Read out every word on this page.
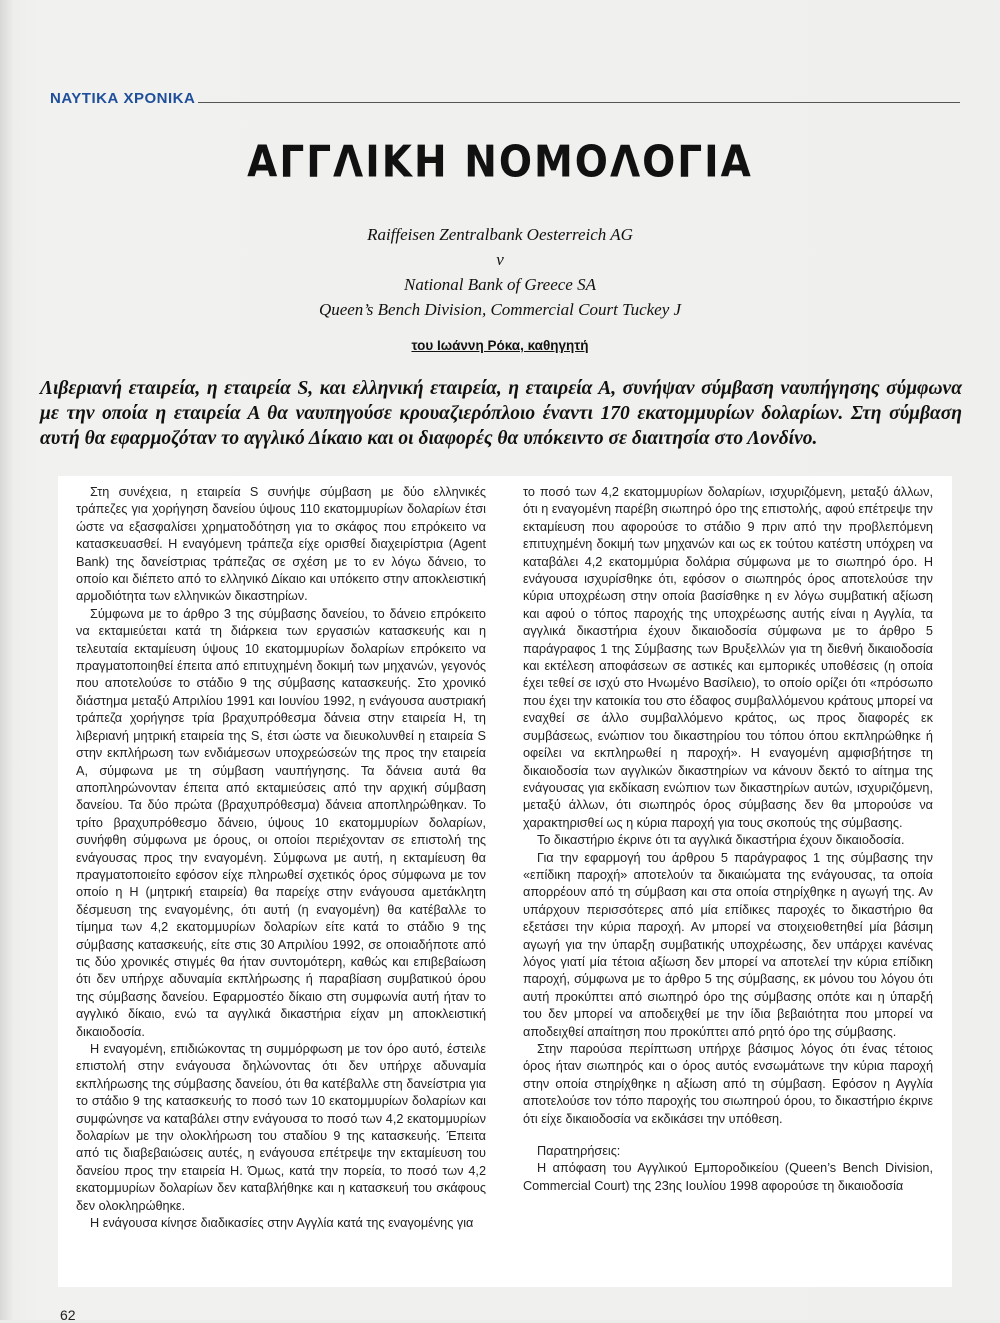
ΝΑΥΤΙΚΑ ΧΡΟΝΙΚΑ
ΑΓΓΛΙΚΗ ΝΟΜΟΛΟΓΙΑ
Raiffeisen Zentralbank Oesterreich AG
v
National Bank of Greece SA
Queen’s Bench Division, Commercial Court Tuckey J
του Ιωάννη Ρόκα, καθηγητή
Λιβεριανή εταιρεία, η εταιρεία S, και ελληνική εταιρεία, η εταιρεία Α, συνήψαν σύμβαση ναυπήγησης σύμφωνα με την οποία η εταιρεία Α θα ναυπηγούσε κρουαζιερόπλοιο έναντι 170 εκατομμυρίων δολαρίων. Στη σύμβαση αυτή θα εφαρμοζόταν το αγγλικό Δίκαιο και οι διαφορές θα υπόκειντο σε διαιτησία στο Λονδίνο.

Στη συνέχεια, η εταιρεία S συνήψε σύμβαση με δύο ελληνικές τράπεζες για χορήγηση δανείου ύψους 110 εκατομμυρίων δολαρίων έτσι ώστε να εξασφαλίσει χρηματοδότηση για το σκάφος που επρόκειτο να κατασκευασθεί. Η εναγόμενη τράπεζα είχε ορισθεί διαχειρίστρια (Agent Bank) της δανείστριας τράπεζας σε σχέση με το εν λόγω δάνειο, το οποίο και διέπετο από το ελληνικό Δίκαιο και υπόκειτο στην αποκλειστική αρμοδιότητα των ελληνικών δικαστηρίων.

Σύμφωνα με το άρθρο 3 της σύμβασης δανείου, το δάνειο επρόκειτο να εκταμιεύεται κατά τη διάρκεια των εργασιών κατασκευής και η τελευταία εκταμίευση ύψους 10 εκατομμυρίων δολαρίων επρόκειτο να πραγματοποιηθεί έπειτα από επιτυχημένη δοκιμή των μηχανών, γεγονός που αποτελούσε το στάδιο 9 της σύμβασης κατασκευής. Στο χρονικό διάστημα μεταξύ Απριλίου 1991 και Ιουνίου 1992, η ενάγουσα αυστριακή τράπεζα χορήγησε τρία βραχυπρόθεσμα δάνεια στην εταιρεία Η, τη λιβεριανή μητρική εταιρεία της S, έτσι ώστε να διευκολυνθεί η εταιρεία S στην εκπλήρωση των ενδιάμεσων υποχρεώσεών της προς την εταιρεία Α, σύμφωνα με τη σύμβαση ναυπήγησης. Τα δάνεια αυτά θα αποπληρώνονταν έπειτα από εκταμιεύσεις από την αρχική σύμβαση δανείου. Τα δύο πρώτα (βραχυπρόθεσμα) δάνεια αποπληρώθηκαν. Το τρίτο βραχυπρόθεσμο δάνειο, ύψους 10 εκατομμυρίων δολαρίων, συνήφθη σύμφωνα με όρους, οι οποίοι περιέχονταν σε επιστολή της ενάγουσας προς την εναγομένη. Σύμφωνα με αυτή, η εκταμίευση θα πραγματοποιείτο εφόσον είχε πληρωθεί σχετικός όρος σύμφωνα με τον οποίο η Η (μητρική εταιρεία) θα παρείχε στην ενάγουσα αμετάκλητη δέσμευση της εναγομένης, ότι αυτή (η εναγομένη) θα κατέβαλλε το τίμημα των 4,2 εκατομμυρίων δολαρίων είτε κατά το στάδιο 9 της σύμβασης κατασκευής, είτε στις 30 Απριλίου 1992, σε οποιαδήποτε από τις δύο χρονικές στιγμές θα ήταν συντομότερη, καθώς και επιβεβαίωση ότι δεν υπήρχε αδυναμία εκπλήρωσης ή παραβίαση συμβατικού όρου της σύμβασης δανείου. Εφαρμοστέο δίκαιο στη συμφωνία αυτή ήταν το αγγλικό δίκαιο, ενώ τα αγγλικά δικαστήρια είχαν μη αποκλειστική δικαιοδοσία.

Η εναγομένη, επιδιώκοντας τη συμμόρφωση με τον όρο αυτό, έστειλε επιστολή στην ενάγουσα δηλώνοντας ότι δεν υπήρχε αδυναμία εκπλήρωσης της σύμβασης δανείου, ότι θα κατέβαλλε στη δανείστρια για το στάδιο 9 της κατασκευής το ποσό των 10 εκατομμυρίων δολαρίων και συμφώνησε να καταβάλει στην ενάγουσα το ποσό των 4,2 εκατομμυρίων δολαρίων με την ολοκλήρωση του σταδίου 9 της κατασκευής. Έπειτα από τις διαβεβαιώσεις αυτές, η ενάγουσα επέτρεψε την εκταμίευση του δανείου προς την εταιρεία Η. Όμως, κατά την πορεία, το ποσό των 4,2 εκατομμυρίων δολαρίων δεν καταβλήθηκε και η κατασκευή του σκάφους δεν ολοκληρώθηκε.

Η ενάγουσα κίνησε διαδικασίες στην Αγγλία κατά της εναγομένης για

το ποσό των 4,2 εκατομμυρίων δολαρίων, ισχυριζόμενη, μεταξύ άλλων, ότι η εναγομένη παρέβη σιωπηρό όρο της επιστολής, αφού επέτρεψε την εκταμίευση που αφορούσε το στάδιο 9 πριν από την προβλεπόμενη επιτυχημένη δοκιμή των μηχανών και ως εκ τούτου κατέστη υπόχρεη να καταβάλει 4,2 εκατομμύρια δολάρια σύμφωνα με το σιωπηρό όρο. Η ενάγουσα ισχυρίσθηκε ότι, εφόσον ο σιωπηρός όρος αποτελούσε την κύρια υποχρέωση στην οποία βασίσθηκε η εν λόγω συμβατική αξίωση και αφού ο τόπος παροχής της υποχρέωσης αυτής είναι η Αγγλία, τα αγγλικά δικαστήρια έχουν δικαιοδοσία σύμφωνα με το άρθρο 5 παράγραφος 1 της Σύμβασης των Βρυξελλών για τη διεθνή δικαιοδοσία και εκτέλεση αποφάσεων σε αστικές και εμπορικές υποθέσεις (η οποία έχει τεθεί σε ισχύ στο Ηνωμένο Βασίλειο), το οποίο ορίζει ότι «πρόσωπο που έχει την κατοικία του στο έδαφος συμβαλλόμενου κράτους μπορεί να εναχθεί σε άλλο συμβαλλόμενο κράτος, ως προς διαφορές εκ συμβάσεως, ενώπιον του δικαστηρίου του τόπου όπου εκπληρώθηκε ή οφείλει να εκπληρωθεί η παροχή». Η εναγομένη αμφισβήτησε τη δικαιοδοσία των αγγλικών δικαστηρίων να κάνουν δεκτό το αίτημα της ενάγουσας για εκδίκαση ενώπιον των δικαστηρίων αυτών, ισχυριζόμενη, μεταξύ άλλων, ότι σιωπηρός όρος σύμβασης δεν θα μπορούσε να χαρακτηρισθεί ως η κύρια παροχή για τους σκοπούς της σύμβασης.

Το δικαστήριο έκρινε ότι τα αγγλικά δικαστήρια έχουν δικαιοδοσία.

Για την εφαρμογή του άρθρου 5 παράγραφος 1 της σύμβασης την «επίδικη παροχή» αποτελούν τα δικαιώματα της ενάγουσας, τα οποία απορρέουν από τη σύμβαση και στα οποία στηρίχθηκε η αγωγή της. Αν υπάρχουν περισσότερες από μία επίδικες παροχές το δικαστήριο θα εξετάσει την κύρια παροχή. Αν μπορεί να στοιχειοθετηθεί μία βάσιμη αγωγή για την ύπαρξη συμβατικής υποχρέωσης, δεν υπάρχει κανένας λόγος γιατί μία τέτοια αξίωση δεν μπορεί να αποτελεί την κύρια επίδικη παροχή, σύμφωνα με το άρθρο 5 της σύμβασης, εκ μόνου του λόγου ότι αυτή προκύπτει από σιωπηρό όρο της σύμβασης οπότε και η ύπαρξή του δεν μπορεί να αποδειχθεί με την ίδια βεβαιότητα που μπορεί να αποδειχθεί απαίτηση που προκύπτει από ρητό όρο της σύμβασης.

Στην παρούσα περίπτωση υπήρχε βάσιμος λόγος ότι ένας τέτοιος όρος ήταν σιωπηρός και ο όρος αυτός ενσωμάτωνε την κύρια παροχή στην οποία στηρίχθηκε η αξίωση από τη σύμβαση. Εφόσον η Αγγλία αποτελούσε τον τόπο παροχής του σιωπηρού όρου, το δικαστήριο έκρινε ότι είχε δικαιοδοσία να εκδικάσει την υπόθεση.

Παρατηρήσεις:

Η απόφαση του Αγγλικού Εμποροδικείου (Queen’s Bench Division, Commercial Court) της 23ης Ιουλίου 1998 αφορούσε τη δικαιοδοσία

62
